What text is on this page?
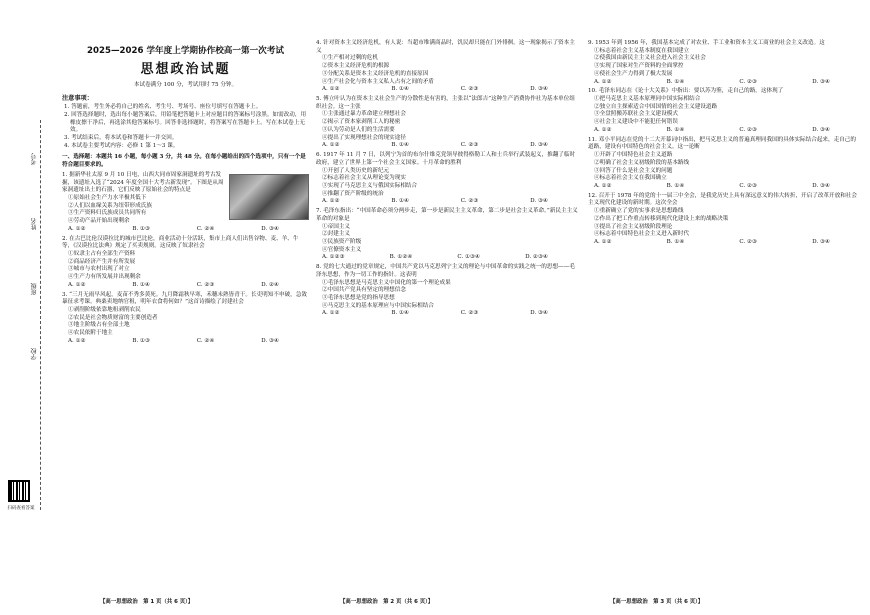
考号
姓名
班级
学校
扫码查看答案
2025—2026 学年度上学期协作校高一第一次考试
思想政治试题
本试卷满分 100 分，考试用时 75 分钟。
注意事项：
1. 答题前，考生务必将自己的姓名、考生号、考场号、座位号填写在答题卡上。
2. 回答选择题时，选出每小题答案后，用铅笔把答题卡上对应题目的答案标号涂黑。如需改动，用橡皮擦干净后，再选涂其他答案标号。回答非选择题时，将答案写在答题卡上。写在本试卷上无效。
3. 考试结束后，将本试卷和答题卡一并交回。
4. 本试卷主要考试内容：必修 1 第 1～3 课。
一、选择题：本题共 16 小题，每小题 3 分，共 48 分。在每小题给出的四个选项中，只有一个是符合题目要求的。
1. 据新华社太原 9 月 10 日电，山西大同市周家洞遗址的考古发掘，该遗址入选了“2024 年度全国十大考古新发现”。下图是从周家洞遗址出土的石器，它们反映了原始社会的特点是
①原始社会生产力水平极其低下
②人们以血缘关系为纽带形成氏族
③生产资料归氏族成员共同所有
④劳动产品开始出现剩余
A. ①②	B. ①③	C. ②④	D. ③④
2. 在古巴比伦汉谟拉比的城市巴比伦，商业活动十分活跃，集市上商人们出售谷物、麦、羊、牛等，《汉谟拉比法典》规定了买卖规则。这反映了奴隶社会
①奴隶主占有全部生产资料
②商品经济产生并有所发展
③城市与农村出现了对立
④生产力有所发展并出现剩余
A. ①②	B. ①④	C. ②③	D. ②④
3. “三月无雨早风起，麦苗不秀多黄死。九月降霜秋早寒，禾穗未熟皆青干。长吏明知不申破，急敛暴征求考课。典桑卖地纳官租，明年衣食将何如？”这首诗描绘了封建社会
①剥削阶级依靠地租剥削农民
②农民是社会物质财富的主要创造者
③地主阶级占有全部土地
④农民依附于地主
A. ①②	B. ①③	C. ②④	D. ③④
4. 针对资本主义经济危机，有人说：当超市堆满商品时，饥民却只能在门外徘徊。这一现象揭示了资本主义
①生产相对过剩的危机
②资本主义经济危机的根源
③分配关系是资本主义经济危机的直接原因
④生产社会化与资本主义私人占有之间的矛盾
A. ①②	B. ①④	C. ②③	D. ③④
5. 傅立叶认为在资本主义社会生产的分散性是有害的，主张以“法郎吉”这种生产消费协作社为基本单位组织社会。这一主张
①主张通过暴力革命建立理想社会
②揭示了资本家剥削工人的秘密
③认为劳动是人们的生活需要
④提出了实现理想社会的现实途径
A. ①②	B. ①④	C. ②③	D. ③④
6. 1917 年 11 月 7 日，以列宁为首的布尔什维克党领导彼得格勒工人和士兵举行武装起义，推翻了临时政府，建立了世界上第一个社会主义国家。十月革命的胜利
①开创了人类历史的新纪元
②标志着社会主义从理论变为现实
③实现了马克思主义与俄国实际相结合
④推翻了资产阶级的统治
A. ①②	B. ①④	C. ②③	D. ③④
7. 毛泽东指出：“中国革命必须分两步走，第一步是新民主主义革命，第二步是社会主义革命。”新民主主义革命的对象是
①帝国主义
②封建主义
③民族资产阶级
④官僚资本主义
A. ①②③	B. ①②④	C. ①③④	D. ②③④
8. 党的七大通过的党章规定，中国共产党以马克思列宁主义的理论与中国革命的实践之统一的思想——毛泽东思想，作为一切工作的指针。这表明
①毛泽东思想是马克思主义中国化的第一个理论成果
②中国共产党具有坚定的理想信念
③毛泽东思想是党的指导思想
④马克思主义的基本原理应与中国实际相结合
A. ①②	B. ①④	C. ②③	D. ③④
9. 1953 年到 1956 年，我国基本完成了对农业、手工业和资本主义工商业的社会主义改造。这
①标志着社会主义基本制度在我国建立
②使我国由新民主主义社会进入社会主义社会
③实现了国家对生产资料的全面掌控
④使社会生产力得到了极大发展
A. ①②	B. ①④	C. ②③	D. ③④
10. 毛泽东同志在《论十大关系》中指出：要以苏为鉴，走自己的路。这体现了
①把马克思主义基本原理同中国实际相结合
②独立自主探索适合中国国情的社会主义建设道路
③全盘照搬苏联社会主义建设模式
④社会主义建设中不能犯任何错误
A. ①②	B. ①④	C. ②③	D. ③④
11. 邓小平同志在党的十二大开幕词中指出，把马克思主义的普遍真理同我国的具体实际结合起来，走自己的道路，建设有中国特色的社会主义。这一论断
①开辟了中国特色社会主义道路
②明确了社会主义初级阶段的基本路线
③回答了什么是社会主义的问题
④标志着社会主义在我国确立
A. ①②	B. ①④	C. ②③	D. ③④
12. 召开于 1978 年的党的十一届三中全会，是我党历史上具有深远意义的伟大转折，开启了改革开放和社会主义现代化建设的新时期。这次全会
①重新确立了党的实事求是思想路线
②作出了把工作重点转移到现代化建设上来的战略决策
③提出了社会主义初级阶段理论
④标志着中国特色社会主义进入新时代
A. ①②	B. ①④	C. ②③	D. ③④
【高一思想政治　第 1 页（共 6 页）】	【高一思想政治　第 2 页（共 6 页）】	【高一思想政治　第 3 页（共 6 页）】
